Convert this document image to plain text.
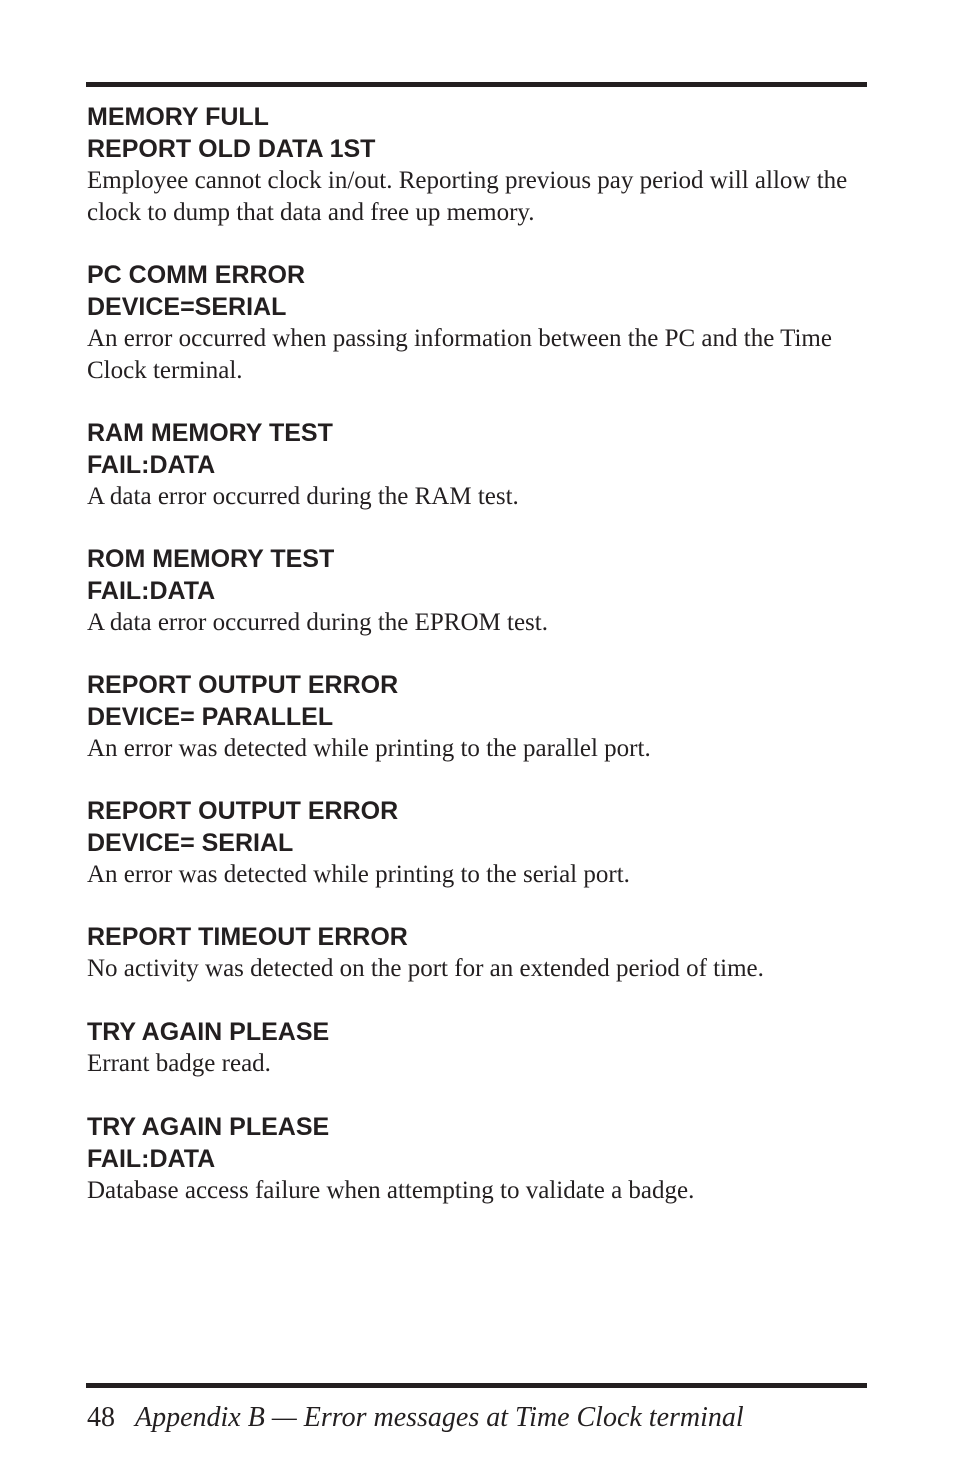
MEMORY FULL

REPORT OLD DATA 1ST

Employee cannot clock in/out. Reporting previous pay period will allow the clock to dump that data and free up memory.

PC COMM ERROR

DEVICE=SERIAL

An error occurred when passing information between the PC and the Time Clock terminal.

RAM MEMORY TEST

FAIL:DATA

A data error occurred during the RAM test.

ROM MEMORY TEST

FAIL:DATA

A data error occurred during the EPROM test.

REPORT OUTPUT ERROR

DEVICE= PARALLEL

An error was detected while printing to the parallel port.

REPORT OUTPUT ERROR

DEVICE= SERIAL

An error was detected while printing to the serial port.

REPORT TIMEOUT ERROR

No activity was detected on the port for an extended period of time.

TRY AGAIN PLEASE

Errant badge read.

TRY AGAIN PLEASE

FAIL:DATA

Database access failure when attempting to validate a badge.

48 Appendix B — Error messages at Time Clock terminal
